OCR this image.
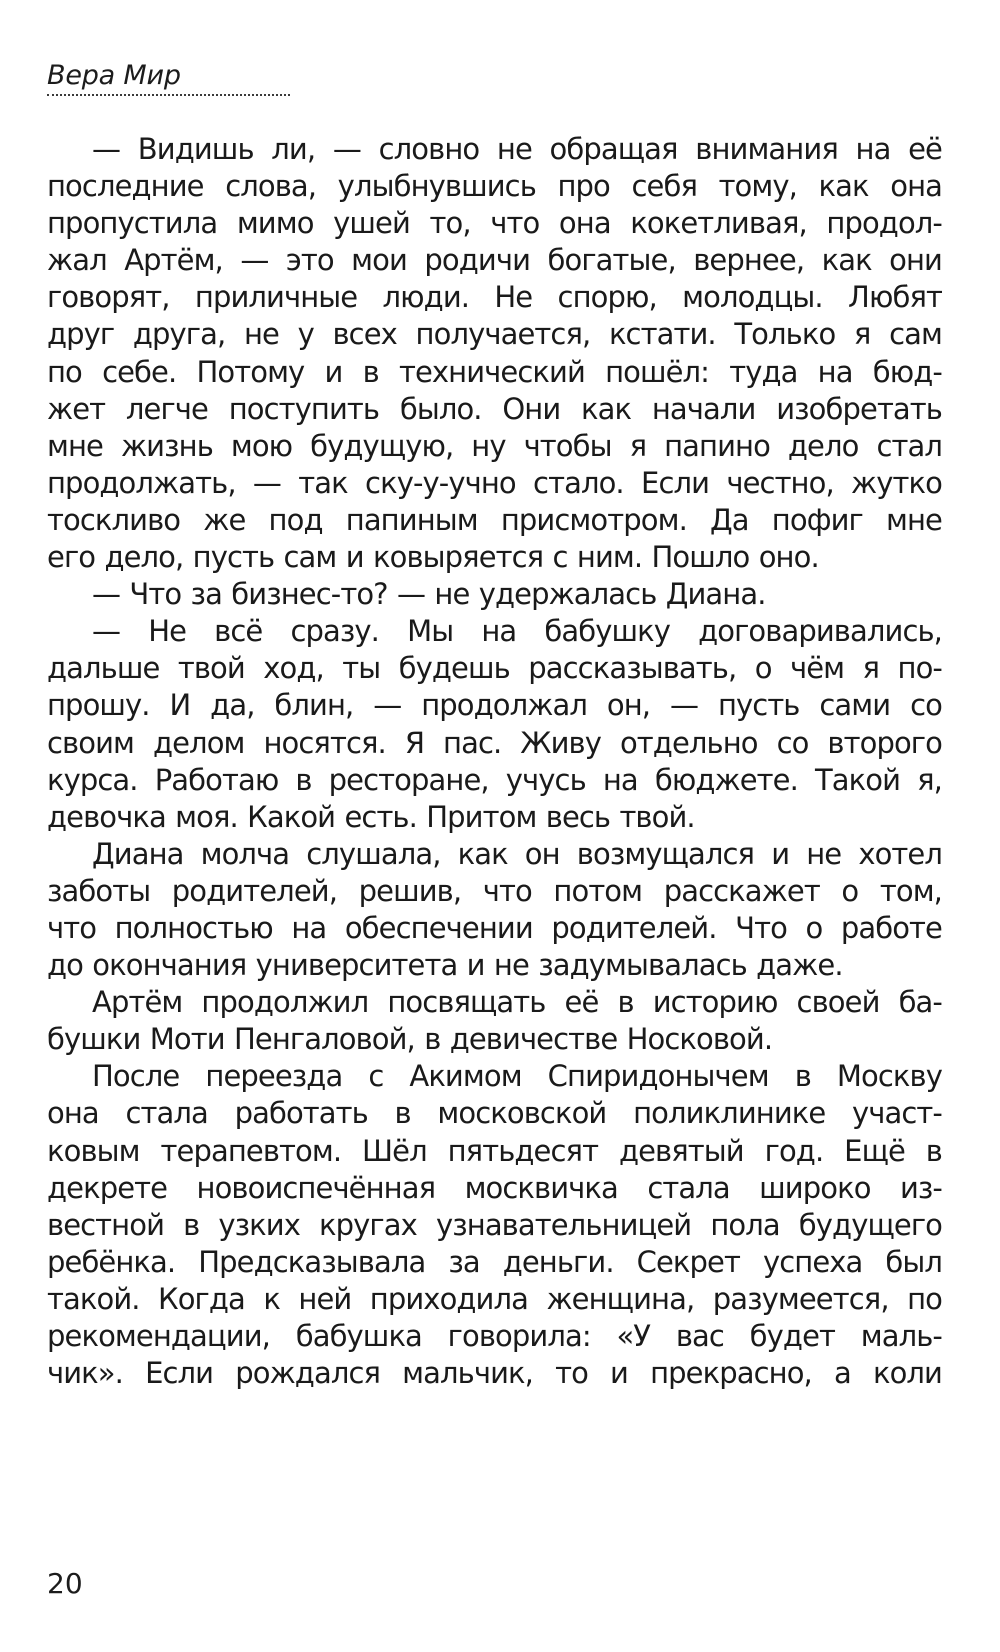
Вера Мир
— Видишь ли, — словно не обращая внимания на её
последние слова, улыбнувшись про себя тому, как она
пропустила мимо ушей то, что она кокетливая, продол-
жал Артём, — это мои родичи богатые, вернее, как они
говорят, приличные люди. Не спорю, молодцы. Любят
друг друга, не у всех получается, кстати. Только я сам
по себе. Потому и в технический пошёл: туда на бюд-
жет легче поступить было. Они как начали изобретать
мне жизнь мою будущую, ну чтобы я папино дело стал
продолжать, — так ску-у-учно стало. Если честно, жутко
тоскливо же под папиным присмотром. Да пофиг мне
его дело, пусть сам и ковыряется с ним. Пошло оно.
— Что за бизнес-то? — не удержалась Диана.
— Не всё сразу. Мы на бабушку договаривались,
дальше твой ход, ты будешь рассказывать, о чём я по-
прошу. И да, блин, — продолжал он, — пусть сами со
своим делом носятся. Я пас. Живу отдельно со второго
курса. Работаю в ресторане, учусь на бюджете. Такой я,
девочка моя. Какой есть. Притом весь твой.
Диана молча слушала, как он возмущался и не хотел
заботы родителей, решив, что потом расскажет о том,
что полностью на обеспечении родителей. Что о работе
до окончания университета и не задумывалась даже.
Артём продолжил посвящать её в историю своей ба-
бушки Моти Пенгаловой, в девичестве Носковой.
После переезда с Акимом Спиридонычем в Москву
она стала работать в московской поликлинике участ-
ковым терапевтом. Шёл пятьдесят девятый год. Ещё в
декрете новоиспечённая москвичка стала широко из-
вестной в узких кругах узнавательницей пола будущего
ребёнка. Предсказывала за деньги. Секрет успеха был
такой. Когда к ней приходила женщина, разумеется, по
рекомендации, бабушка говорила: «У вас будет маль-
чик». Если рождался мальчик, то и прекрасно, а коли
20
